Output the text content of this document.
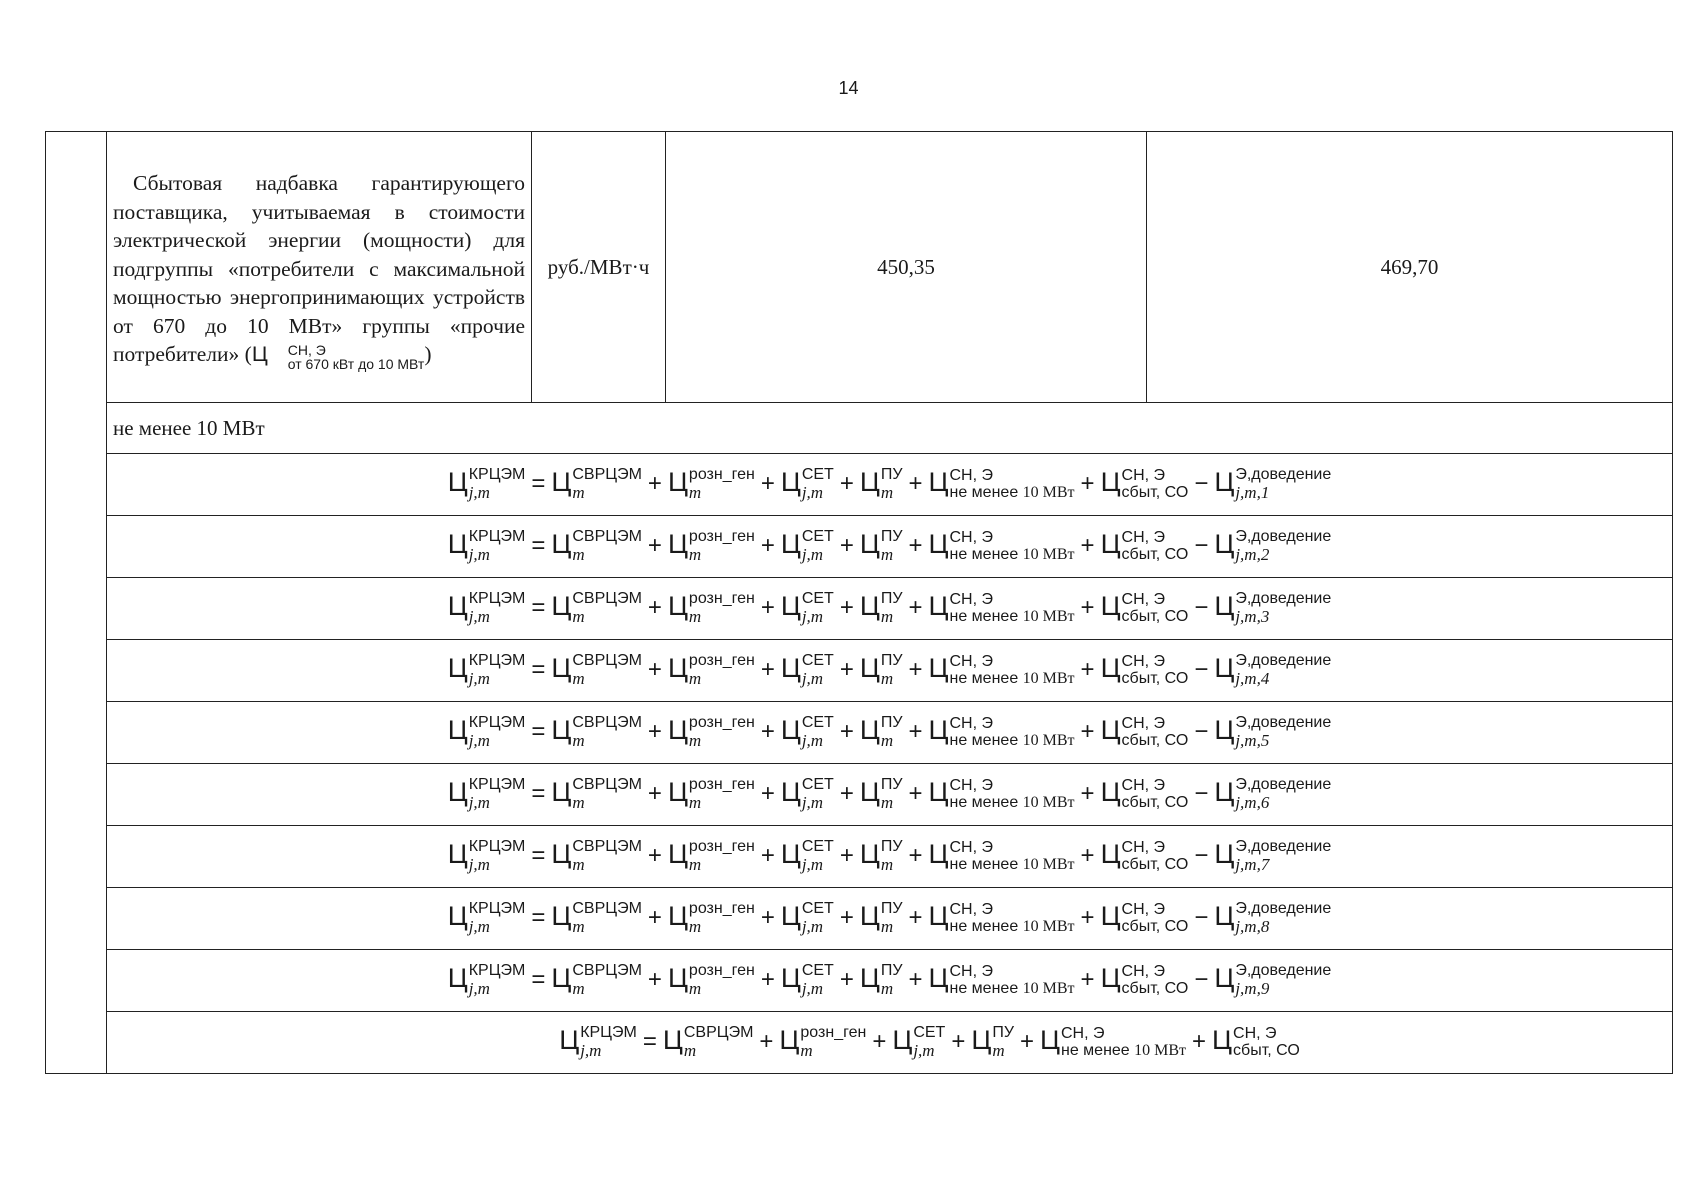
14

Сбытовая надбавка гарантирующего поставщика, учитываемая в стоимости электрической энергии (мощности) для подгруппы «потребители с максимальной мощностью энергопринимающих устройств от 670 до 10 МВт» группы «прочие потребители» (Ц	СН, Э
от 670 кВт до 10 МВт )
	руб./МВт·ч	450,35	469,70
не менее 10 МВт
Ц КРЦЭМ
j,m	= Ц СВРЦЭМ
m	+ Ц розн_ген
m	+ Ц СЕТ
j,m + Ц ПУ
m + Ц СН, Э
не менее 10 МВт + Ц СН, Э
сбыт, СО − Ц Э,доведение
j,m,1

Ц КРЦЭМ
j,m	= Ц СВРЦЭМ
m	+ Ц розн_ген
m	+ Ц СЕТ
j,m + Ц ПУ
m + Ц СН, Э
не менее 10 МВт + Ц СН, Э
сбыт, СО − Ц Э,доведение
j,m,2

Ц КРЦЭМ
j,m	= Ц СВРЦЭМ
m	+ Ц розн_ген
m	+ Ц СЕТ
j,m + Ц ПУ
m + Ц СН, Э
не менее 10 МВт + Ц СН, Э
сбыт, СО − Ц Э,доведение
j,m,3

Ц КРЦЭМ
j,m	= Ц СВРЦЭМ
m	+ Ц розн_ген
m	+ Ц СЕТ
j,m + Ц ПУ
m + Ц СН, Э
не менее 10 МВт + Ц СН, Э
сбыт, СО − Ц Э,доведение
j,m,4

Ц КРЦЭМ
j,m	= Ц СВРЦЭМ
m	+ Ц розн_ген
m	+ Ц СЕТ
j,m + Ц ПУ
m + Ц СН, Э
не менее 10 МВт + Ц СН, Э
сбыт, СО − Ц Э,доведение
j,m,5

Ц КРЦЭМ
j,m	= Ц СВРЦЭМ
m	+ Ц розн_ген
m	+ Ц СЕТ
j,m + Ц ПУ
m + Ц СН, Э
не менее 10 МВт + Ц СН, Э
сбыт, СО − Ц Э,доведение
j,m,6

Ц КРЦЭМ
j,m	= Ц СВРЦЭМ
m	+ Ц розн_ген
m	+ Ц СЕТ
j,m + Ц ПУ
m + Ц СН, Э
не менее 10 МВт + Ц СН, Э
сбыт, СО − Ц Э,доведение
j,m,7

Ц КРЦЭМ
j,m	= Ц СВРЦЭМ
m	+ Ц розн_ген
m	+ Ц СЕТ
j,m + Ц ПУ
m + Ц СН, Э
не менее 10 МВт + Ц СН, Э
сбыт, СО − Ц Э,доведение
j,m,8

Ц КРЦЭМ
j,m	= Ц СВРЦЭМ
m	+ Ц розн_ген
m	+ Ц СЕТ
j,m + Ц ПУ
m + Ц СН, Э
не менее 10 МВт + Ц СН, Э
сбыт, СО − Ц Э,доведение
j,m,9

Ц КРЦЭМ
j,m	= Ц СВРЦЭМ
m	+ Ц розн_ген
m	+ Ц СЕТ
j,m + Ц ПУ
m + Ц СН, Э
не менее 10 МВт + Ц СН, Э
сбыт, СО
